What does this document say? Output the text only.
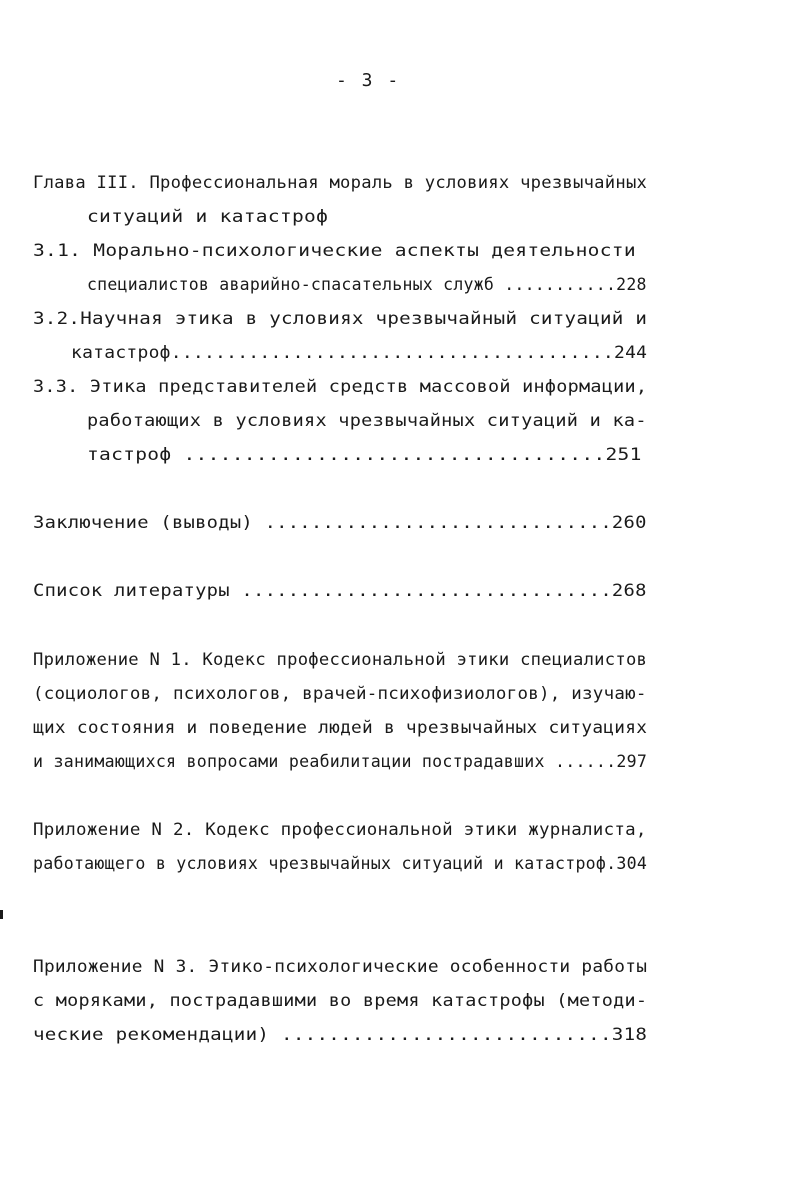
- 3 -
Глава III. Профессиональная мораль в условиях чрезвычайных
ситуаций и катастроф
3.1. Морально-психологические аспекты деятельности
специалистов аварийно-спасательных служб ...........228
3.2.Научная этика в условиях чрезвычайный ситуаций и
катастроф........................................244
3.3. Этика представителей средств массовой информации,
работающих в условиях чрезвычайных ситуаций и ка-
тастроф ...................................251
Заключение (выводы) ..............................260
Список литературы ................................268
Приложение N 1. Кодекс профессиональной этики специалистов
(социологов, психологов, врачей-психофизиологов), изучаю-
щих состояния и поведение людей в чрезвычайных ситуациях
и занимающихся вопросами реабилитации пострадавших ......297
Приложение N 2. Кодекс профессиональной этики журналиста,
работающего в условиях чрезвычайных ситуаций и катастроф.304
Приложение N 3. Этико-психологические особенности работы
с моряками, пострадавшими во время катастрофы (методи-
ческие рекомендации) ............................318
